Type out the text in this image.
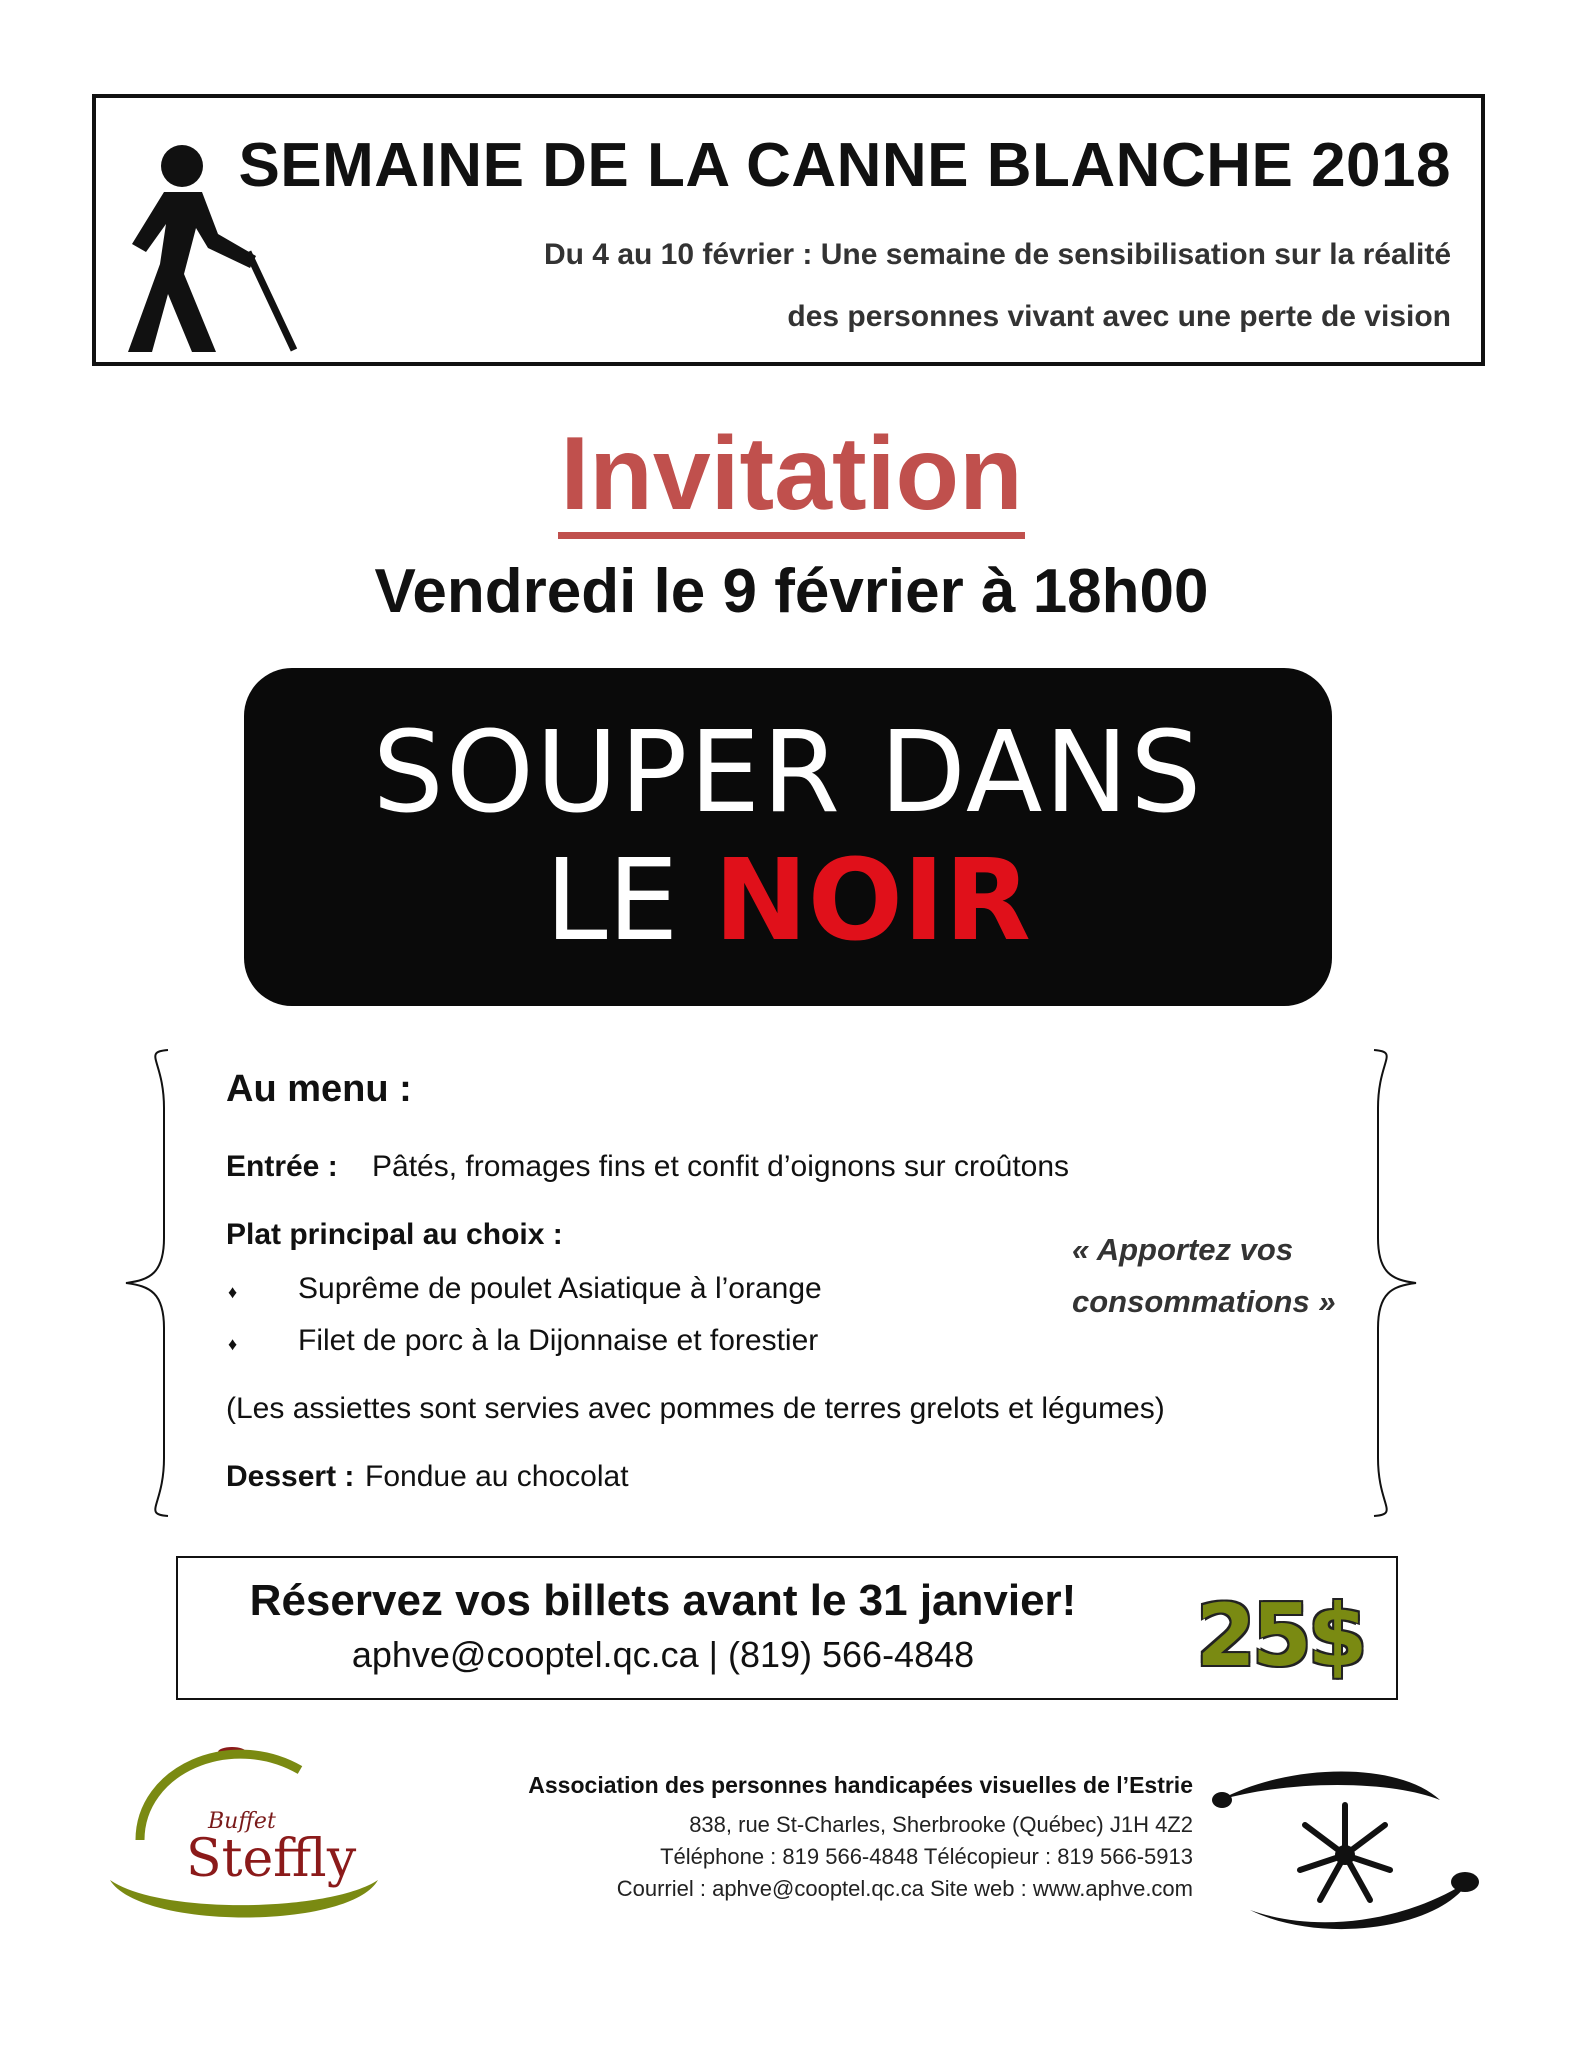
SEMAINE DE LA CANNE BLANCHE 2018
Du 4 au 10 février : Une semaine de sensibilisation sur la réalité
des personnes vivant avec une perte de vision
Invitation
Vendredi le 9 février à 18h00
SOUPER DANS
LE NOIR
Au menu :
Entrée : Pâtés, fromages fins et confit d’oignons sur croûtons
Plat principal au choix :
♦ Suprême de poulet Asiatique à l’orange
♦ Filet de porc à la Dijonnaise et forestier
(Les assiettes sont servies avec pommes de terres grelots et légumes)
Dessert : Fondue au chocolat
« Apportez vos
consommations »
Réservez vos billets avant le 31 janvier!
aphve@cooptel.qc.ca | (819) 566-4848	25$
Buffet
Steffly
Association des personnes handicapées visuelles de l’Estrie
838, rue St-Charles, Sherbrooke (Québec) J1H 4Z2
Téléphone : 819 566-4848 Télécopieur : 819 566-5913
Courriel : aphve@cooptel.qc.ca Site web : www.aphve.com
